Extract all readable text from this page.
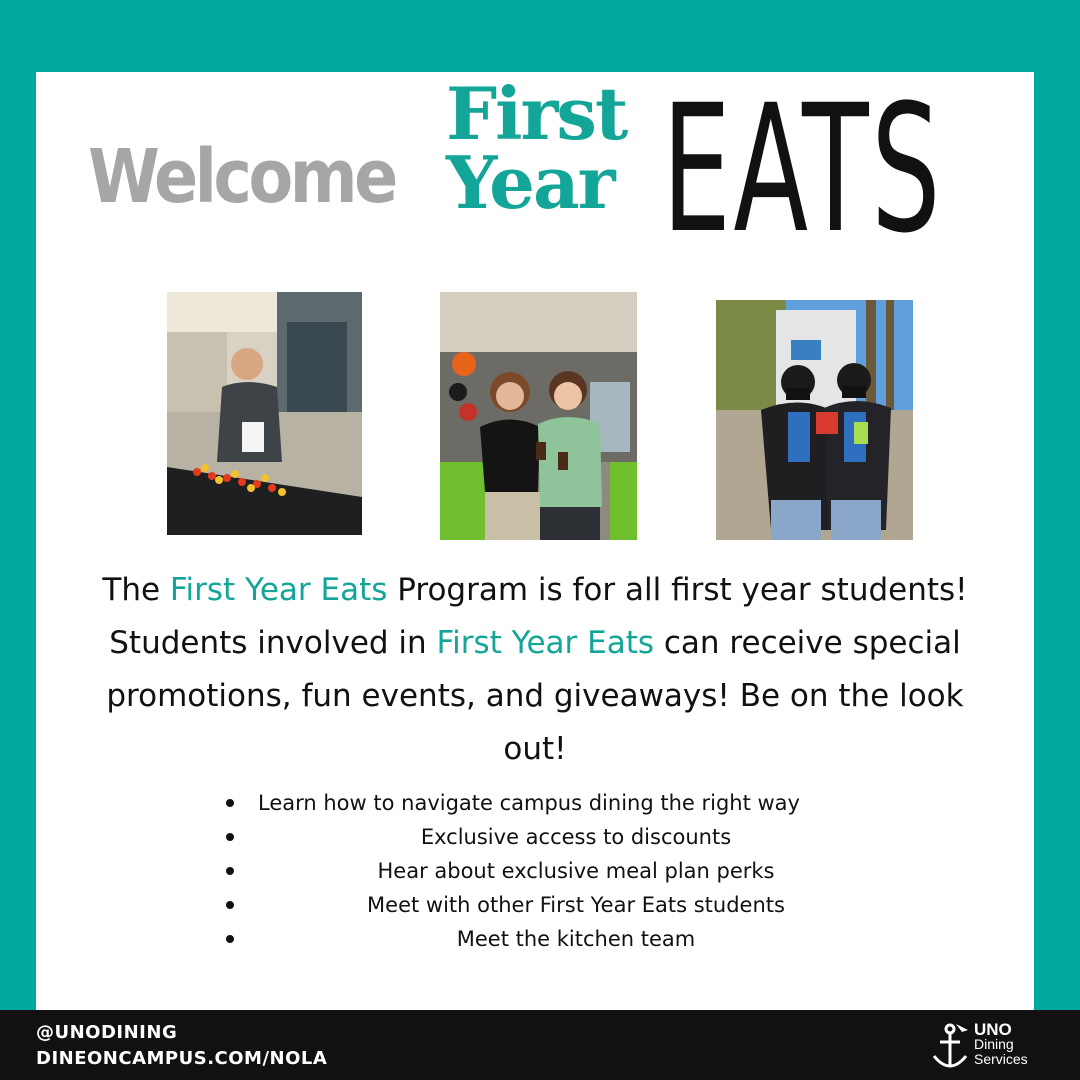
Welcome
First
Year EATS
The First Year Eats Program is for all first year students! Students involved in First Year Eats can receive special promotions, fun events, and giveaways! Be on the look out!
Learn how to navigate campus dining the right way
Exclusive access to discounts
Hear about exclusive meal plan perks
Meet with other First Year Eats students
Meet the kitchen team
@UNODINING
DINEONCAMPUS.COM/NOLA
UNO
Dining
Services
